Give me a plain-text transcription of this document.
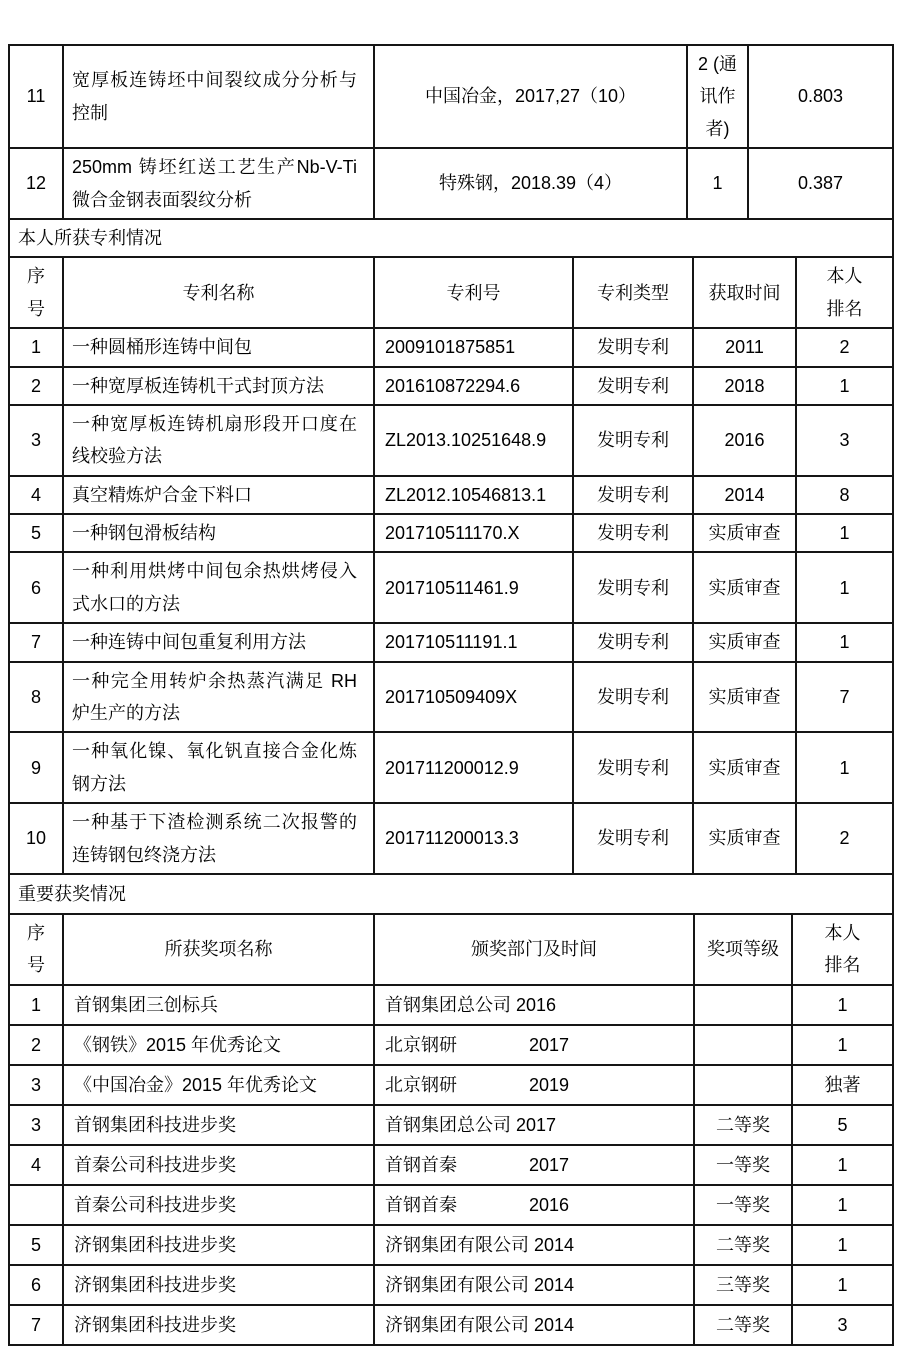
11	宽厚板连铸坯中间裂纹成分分析与控制	中国冶金，2017,27（10）	2 (通讯作者)	0.803
12	250mm 铸坯红送工艺生产Nb-V-Ti 微合金钢表面裂纹分析	特殊钢，2018.39（4）	1	0.387
本人所获专利情况
序号	专利名称	专利号	专利类型	获取时间	本人排名
1	一种圆桶形连铸中间包	2009101875851	发明专利	2011	2
2	一种宽厚板连铸机干式封顶方法	201610872294.6	发明专利	2018	1
3	一种宽厚板连铸机扇形段开口度在线校验方法	ZL2013.10251648.9	发明专利	2016	3
4	真空精炼炉合金下料口	ZL2012.10546813.1	发明专利	2014	8
5	一种钢包滑板结构	201710511170.X	发明专利	实质审查	1
6	一种利用烘烤中间包余热烘烤侵入式水口的方法	201710511461.9	发明专利	实质审查	1
7	一种连铸中间包重复利用方法	201710511191.1	发明专利	实质审查	1
8	一种完全用转炉余热蒸汽满足 RH 炉生产的方法	201710509409X	发明专利	实质审查	7
9	一种氧化镍、氧化钒直接合金化炼钢方法	201711200012.9	发明专利	实质审查	1
10	一种基于下渣检测系统二次报警的连铸钢包终浇方法	201711200013.3	发明专利	实质审查	2
重要获奖情况
序号	所获奖项名称	颁奖部门及时间	奖项等级	本人排名
1	首钢集团三创标兵	首钢集团总公司 2016		1
2	《钢铁》2015 年优秀论文	北京钢研　　　　2017		1
3	《中国冶金》2015 年优秀论文	北京钢研　　　　2019		独著
3	首钢集团科技进步奖	首钢集团总公司 2017	二等奖	5
4	首秦公司科技进步奖	首钢首秦　　　　2017	一等奖	1
	首秦公司科技进步奖	首钢首秦　　　　2016	一等奖	1
5	济钢集团科技进步奖	济钢集团有限公司 2014	二等奖	1
6	济钢集团科技进步奖	济钢集团有限公司 2014	三等奖	1
7	济钢集团科技进步奖	济钢集团有限公司 2014	二等奖	3
